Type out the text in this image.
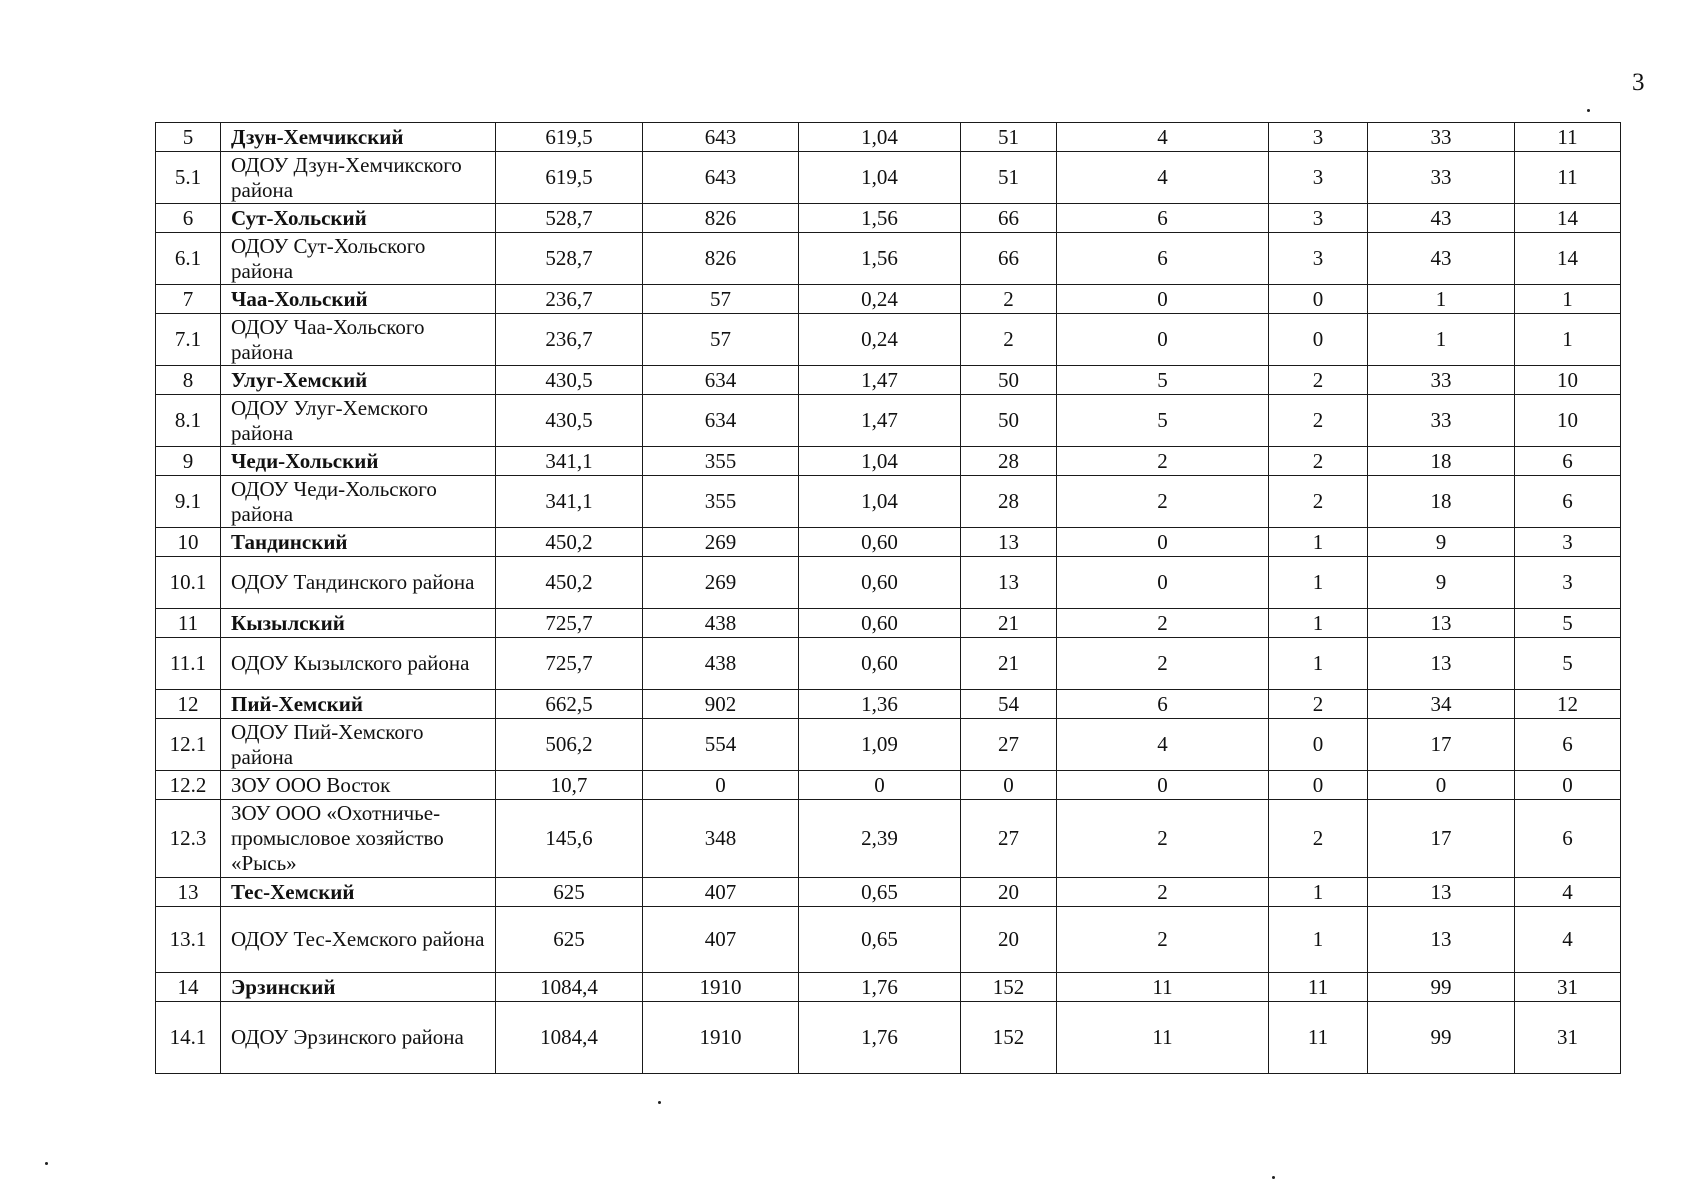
3
5	Дзун-Хемчикский	619,5	643	1,04	51	4	3	33	11
5.1	ОДОУ Дзун-Хемчикского района	619,5	643	1,04	51	4	3	33	11
6	Сут-Хольский	528,7	826	1,56	66	6	3	43	14
6.1	ОДОУ Сут-Хольского района	528,7	826	1,56	66	6	3	43	14
7	Чаа-Хольский	236,7	57	0,24	2	0	0	1	1
7.1	ОДОУ Чаа-Хольского района	236,7	57	0,24	2	0	0	1	1
8	Улуг-Хемский	430,5	634	1,47	50	5	2	33	10
8.1	ОДОУ Улуг-Хемского района	430,5	634	1,47	50	5	2	33	10
9	Чеди-Хольский	341,1	355	1,04	28	2	2	18	6
9.1	ОДОУ Чеди-Хольского района	341,1	355	1,04	28	2	2	18	6
10	Тандинский	450,2	269	0,60	13	0	1	9	3
10.1	ОДОУ Тандинского района	450,2	269	0,60	13	0	1	9	3
11	Кызылский	725,7	438	0,60	21	2	1	13	5
11.1	ОДОУ Кызылского района	725,7	438	0,60	21	2	1	13	5
12	Пий-Хемский	662,5	902	1,36	54	6	2	34	12
12.1	ОДОУ Пий-Хемского района	506,2	554	1,09	27	4	0	17	6
12.2	ЗОУ ООО Восток	10,7	0	0	0	0	0	0	0
12.3	ЗОУ ООО «Охотничье-промысловое хозяйство «Рысь»	145,6	348	2,39	27	2	2	17	6
13	Тес-Хемский	625	407	0,65	20	2	1	13	4
13.1	ОДОУ Тес-Хемского района	625	407	0,65	20	2	1	13	4
14	Эрзинский	1084,4	1910	1,76	152	11	11	99	31
14.1	ОДОУ Эрзинского района	1084,4	1910	1,76	152	11	11	99	31
